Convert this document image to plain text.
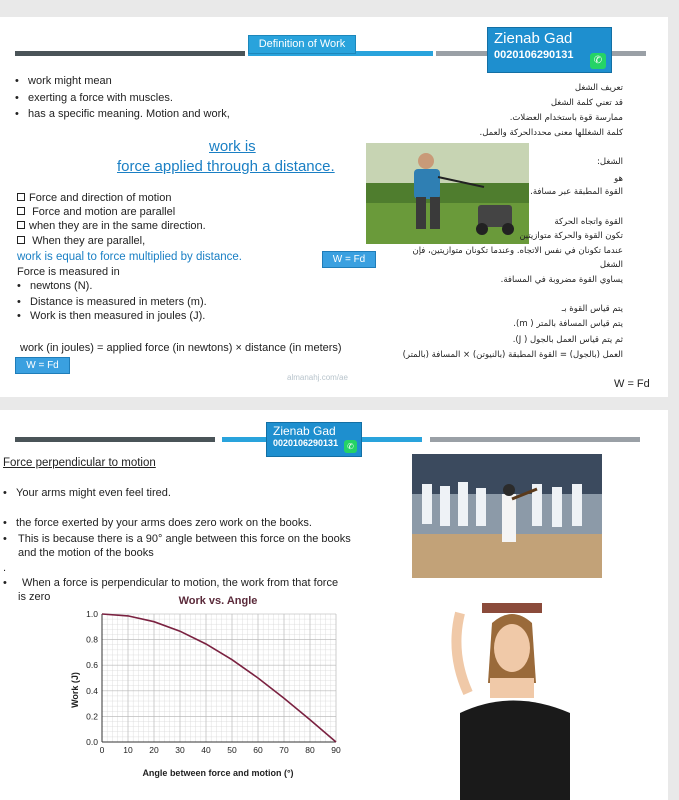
Definition of Work	Zienab Gad
0020106290131	✆
•   work might mean
•   exerting a force with muscles.
•   has a specific meaning. Motion and work,
work is
force applied through a distance.
Force and direction of motion
Force and motion are parallel
when they are in the same direction.
When they are parallel,
work is equal to force multiplied by distance.	W = Fd
Force is measured in
•   newtons (N).
•   Distance is measured in meters (m).
•   Work is then measured in joules (J).
work (in joules) = applied force (in newtons) × distance (in meters)
W = Fd
تعريف الشغل
قد تعني كلمة الشغل
ممارسة قوة باستخدام العضلات.
كلمة الشغللها معنى محددالحركة والعمل.
الشغل:
هو
القوة المطبقة عبر مسافة.
القوة واتجاه الحركة
تكون القوة والحركة متوازيتين
عندما تكونان في نفس الاتجاه. وعندما تكونان متوازيتين، فإن
الشغل
يساوي القوة مضروبة في المسافة.
يتم قياس القوة بـ
يتم قياس المسافة بالمتر ( m).
ثم يتم قياس العمل بالجول ( J).
العمل (بالجول) = القوة المطبقة (بالنيوتن) × المسافة (بالمتر)
W = Fd
almanahj.com/ae
Zienab Gad
0020106290131	✆
Force perpendicular to motion
•   Your arms might even feel tired.
•   the force exerted by your arms does zero work on the books.
•	This is because there is a 90° angle between this force on the books and the motion of the books
.
•	When a force is perpendicular to motion, the work from that force is zero	Work vs. Angle
0 10 20 30 40 50 60 70 80 90
0.0
0.2
0.4
0.6
0.8
1.0
Angle between force and motion (°)
Work (J)
